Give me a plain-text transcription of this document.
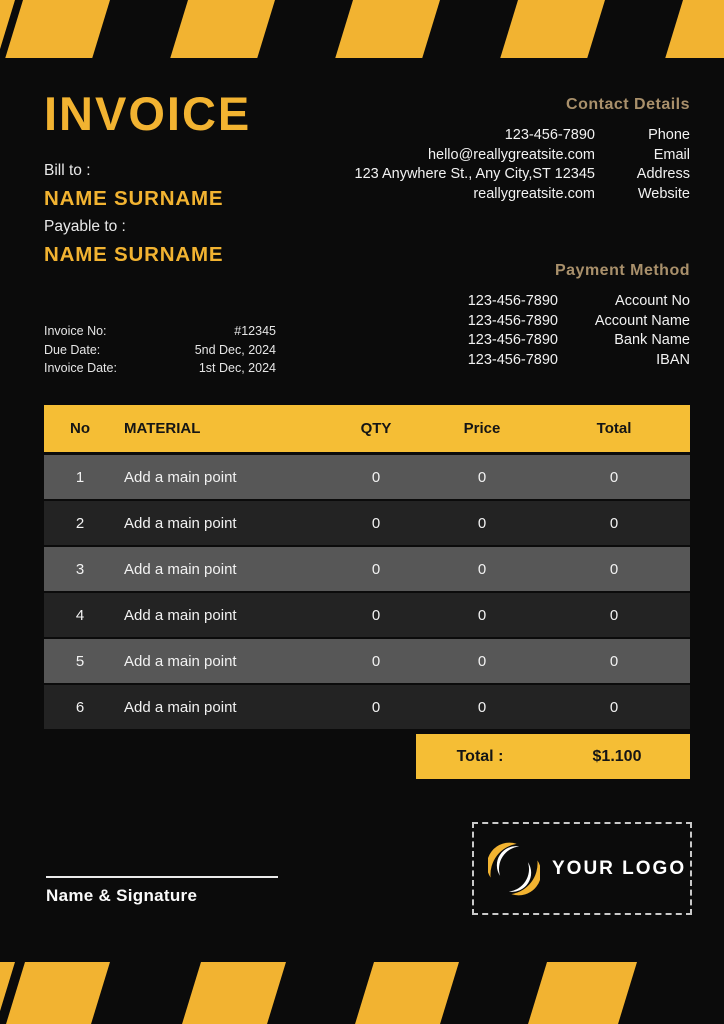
INVOICE	Contact Details
123-456-7890	Phone
hello@reallygreatsite.com	Email
123 Anywhere St., Any City,ST 12345	Address
reallygreatsite.com	Website
Bill to :
NAME SURNAME
Payable to :
NAME SURNAME
Payment Method
123-456-7890	Account No
123-456-7890	Account Name
123-456-7890	Bank Name
123-456-7890	IBAN
Invoice No:	#12345
Due Date:	5nd Dec, 2024
Invoice Date:	1st Dec, 2024
No	MATERIAL	QTY	Price	Total
1	Add a main point	0	0	0
2	Add a main point	0	0	0
3	Add a main point	0	0	0
4	Add a main point	0	0	0
5	Add a main point	0	0	0
6	Add a main point	0	0	0
Total :	$1.100
Name & Signature
YOUR LOGO
